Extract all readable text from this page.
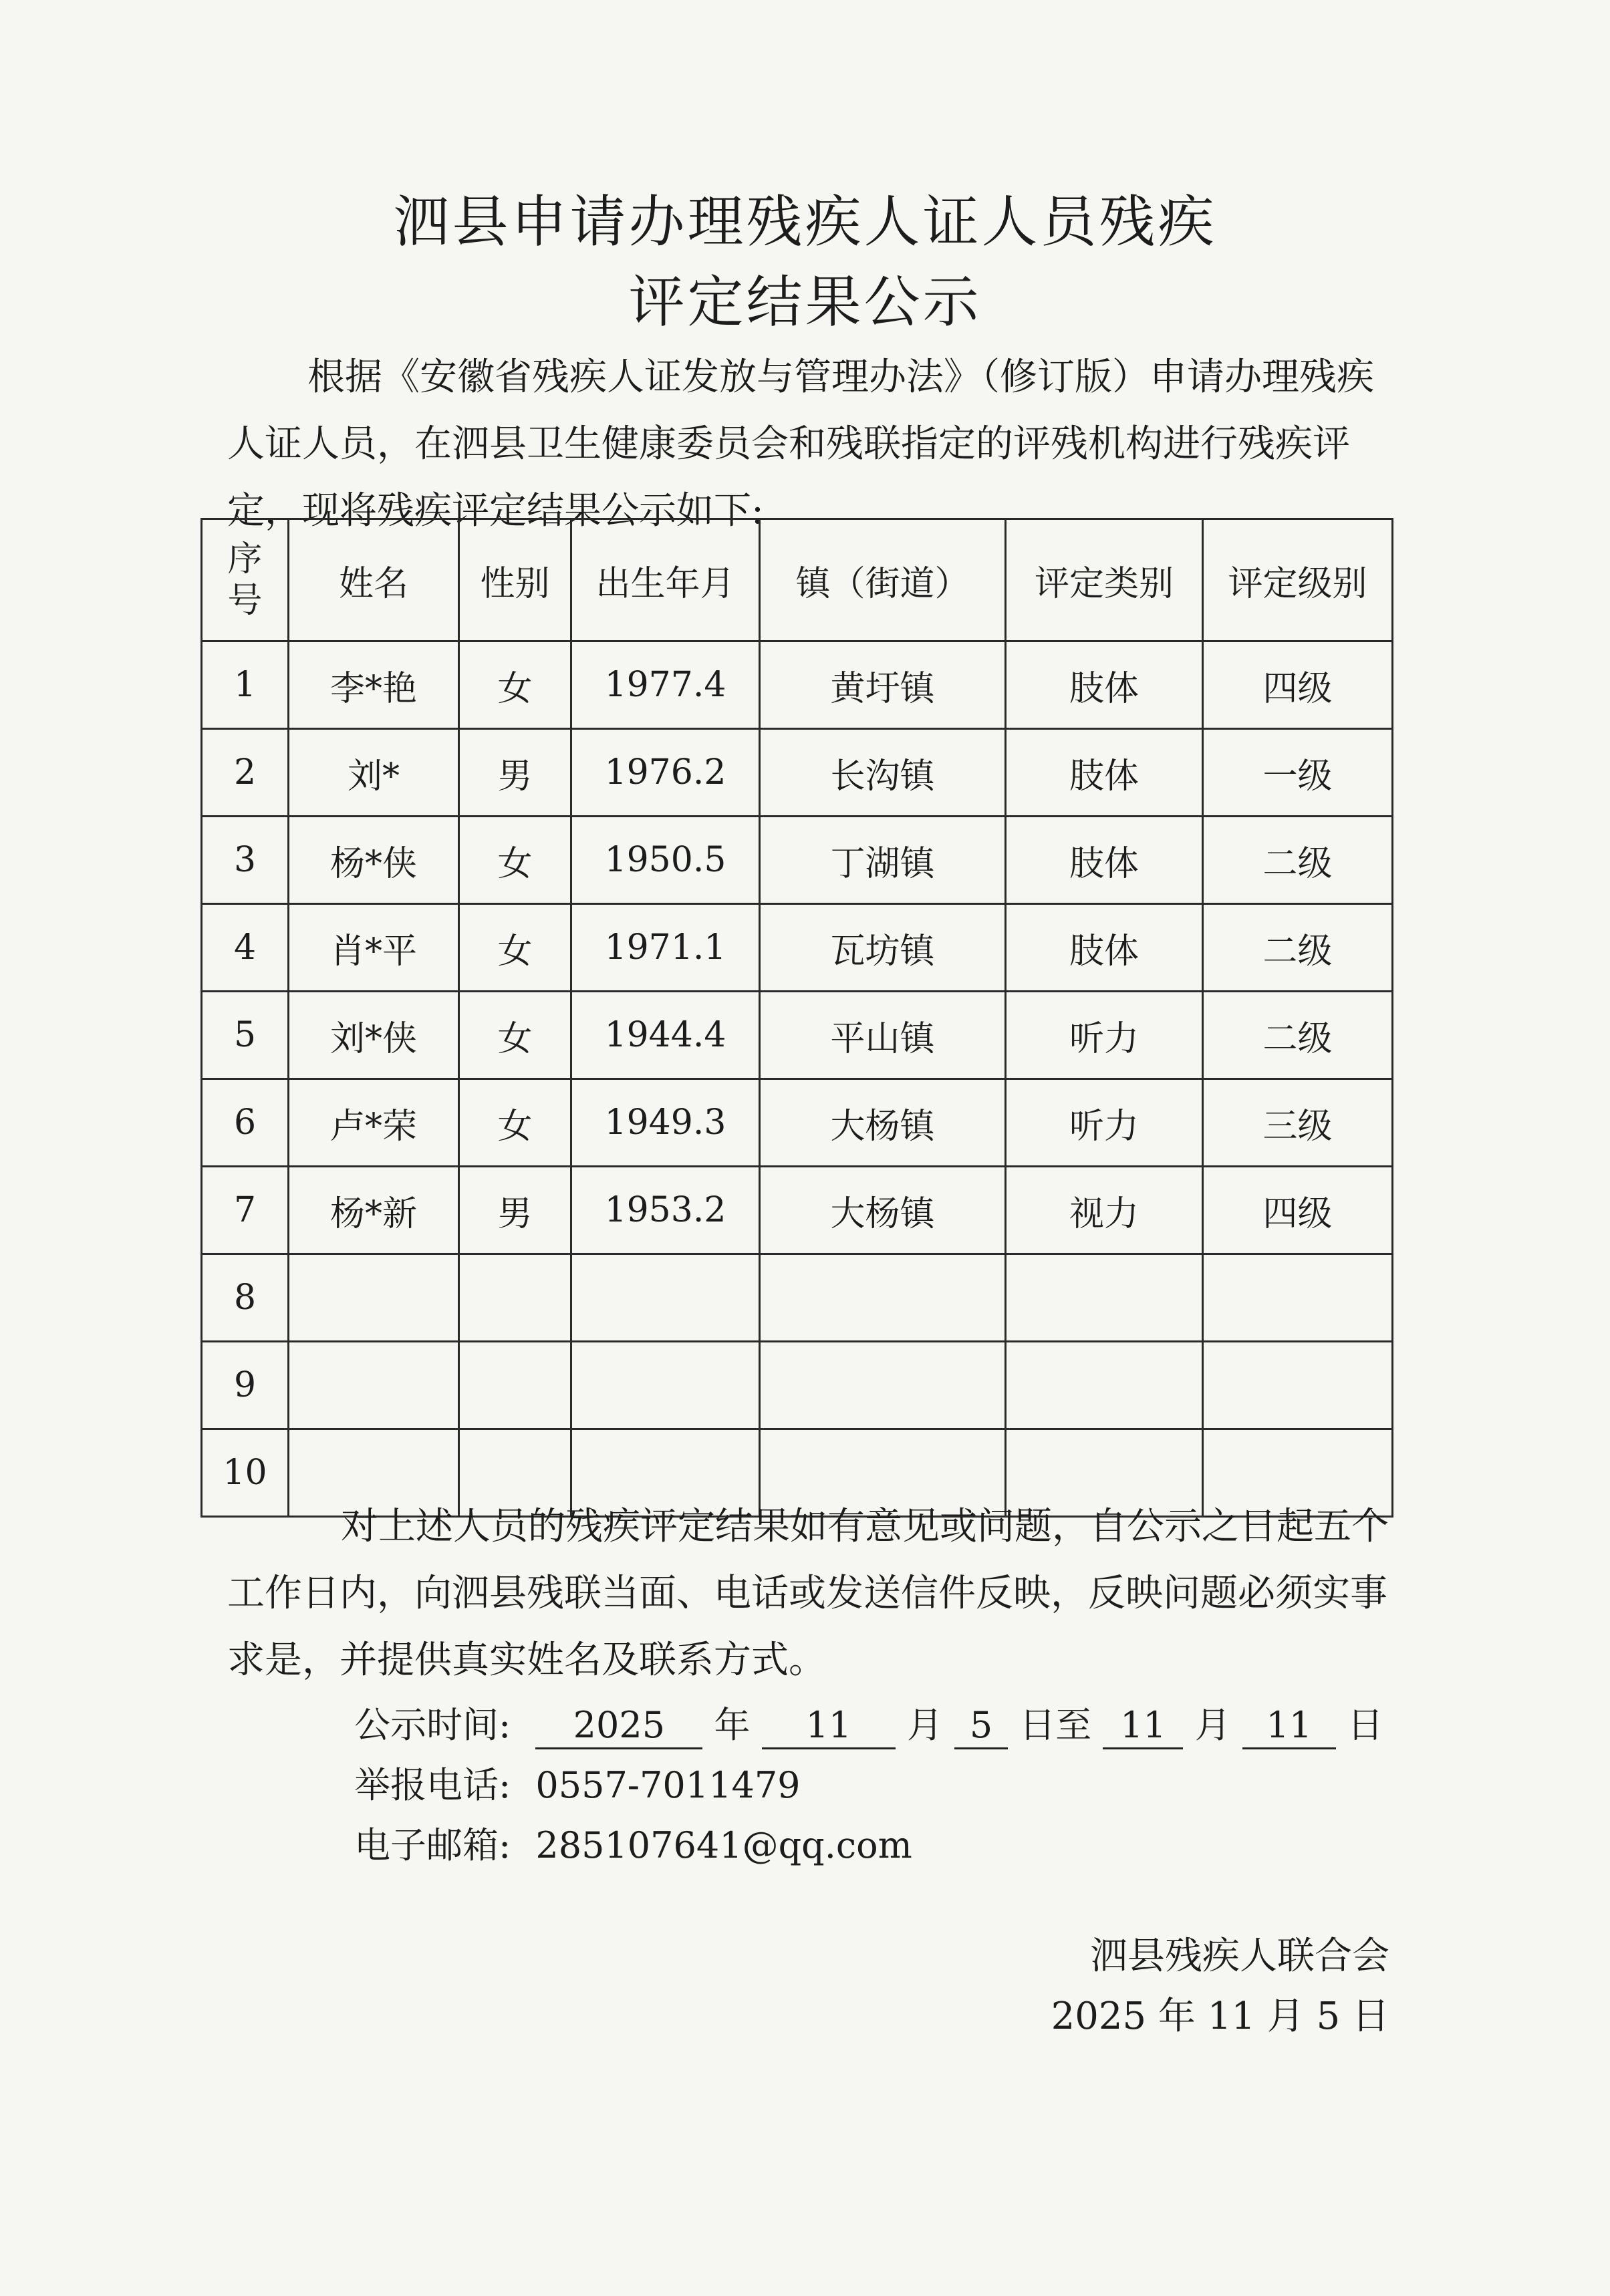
泗县申请办理残疾人证人员残疾
评定结果公示
根据《安徽省残疾人证发放与管理办法》（修订版）申请办理残疾人证人员，在泗县卫生健康委员会和残联指定的评残机构进行残疾评定，现将残疾评定结果公示如下:
序
号	姓名	性别	出生年月	镇（街道）	评定类别	评定级别
1	李*艳	女	1977.4	黄圩镇	肢体	四级
2	刘*	男	1976.2	长沟镇	肢体	一级
3	杨*侠	女	1950.5	丁湖镇	肢体	二级
4	肖*平	女	1971.1	瓦坊镇	肢体	二级
5	刘*侠	女	1944.4	平山镇	听力	二级
6	卢*荣	女	1949.3	大杨镇	听力	三级
7	杨*新	男	1953.2	大杨镇	视力	四级
8						
9						
10						
对上述人员的残疾评定结果如有意见或问题，自公示之日起五个工作日内，向泗县残联当面、电话或发送信件反映，反映问题必须实事求是，并提供真实姓名及联系方式。
公示时间: 2025 年 11 月 5 日至 11 月 11 日
举报电话: 0557-7011479
电子邮箱: 285107641@qq.com
泗县残疾人联合会
2025 年 11 月 5 日
